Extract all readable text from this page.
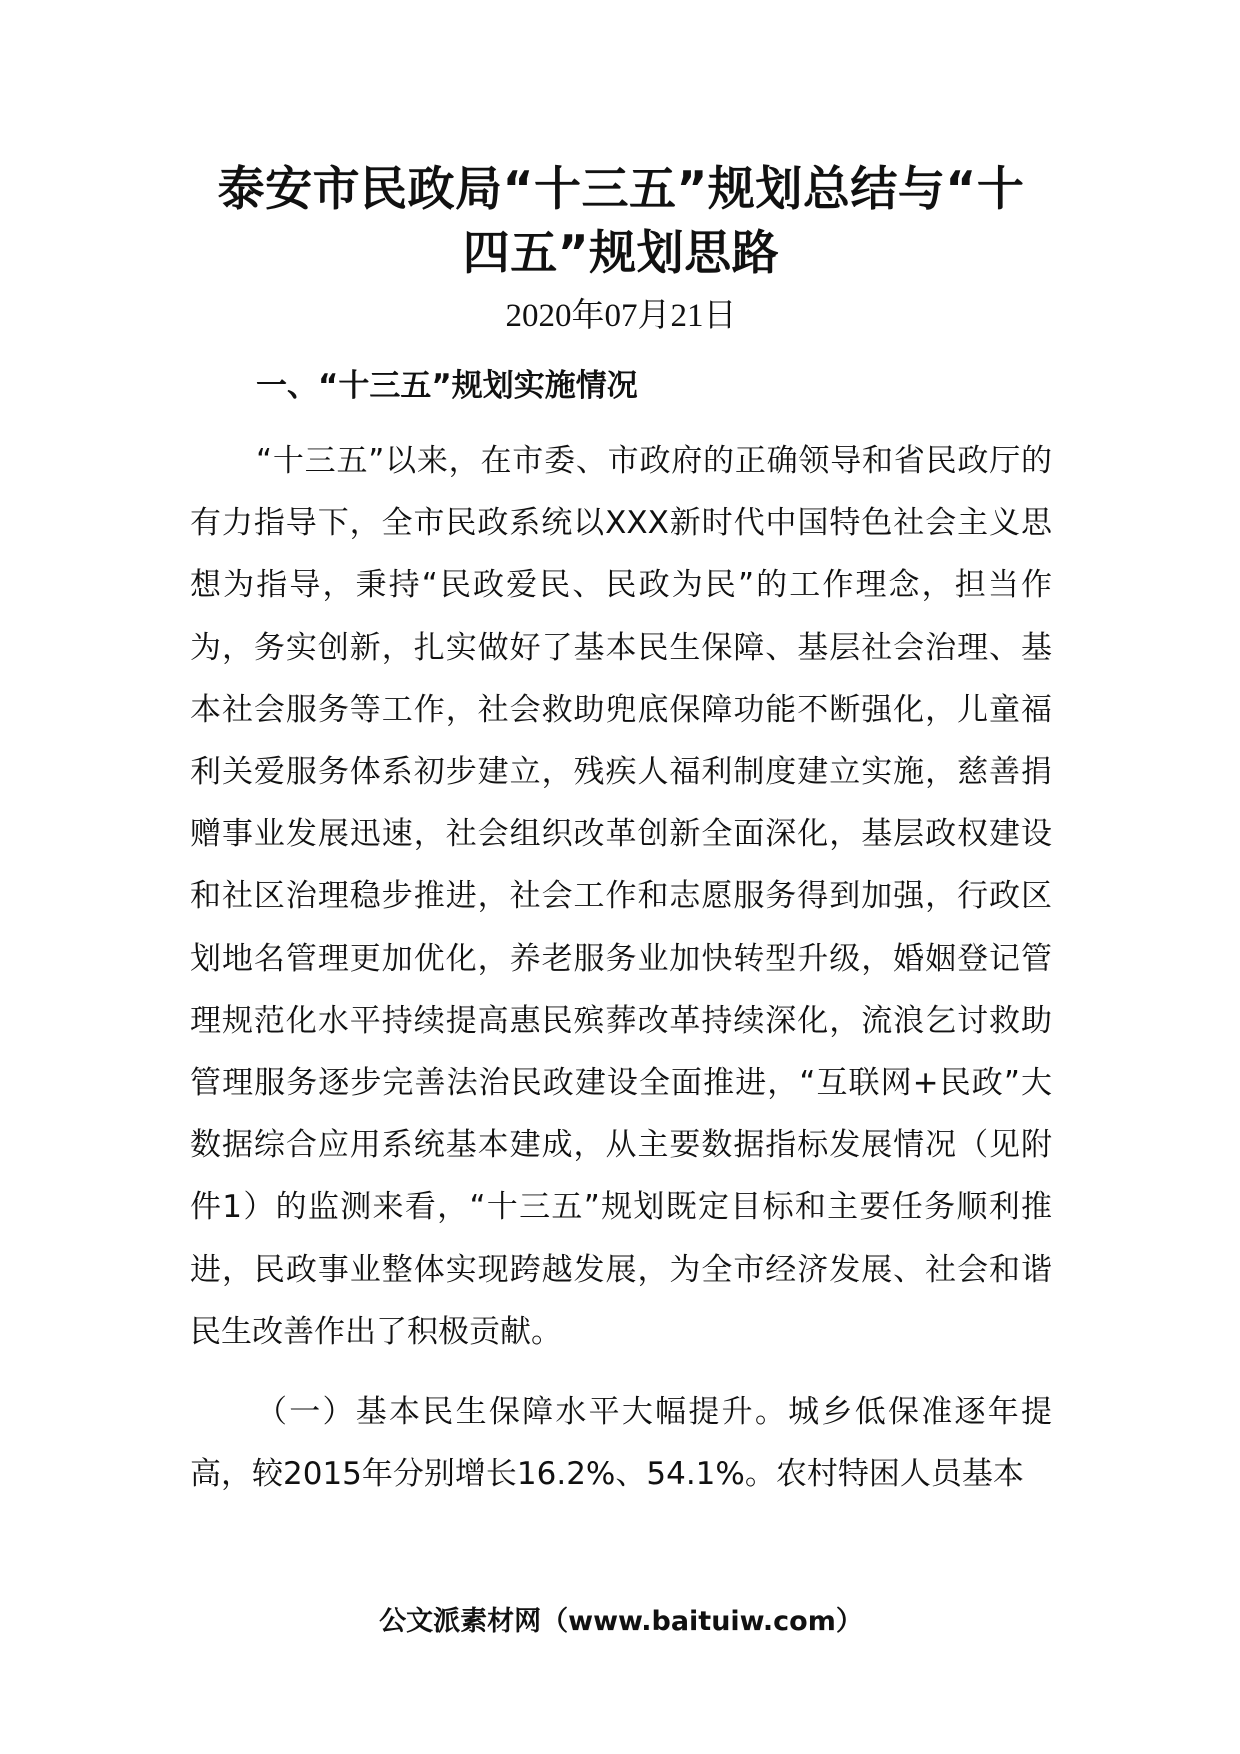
泰安市民政局“十三五”规划总结与“十
四五”规划思路
2020年07月21日
一、“十三五”规划实施情况

“十三五”以来，在市委、市政府的正确领导和省民政厅的有力指导下，全市民政系统以XXX新时代中国特色社会主义思想为指导，秉持“民政爱民、民政为民”的工作理念，担当作为，务实创新，扎实做好了基本民生保障、基层社会治理、基本社会服务等工作，社会救助兜底保障功能不断强化，儿童福利关爱服务体系初步建立，残疾人福利制度建立实施，慈善捐赠事业发展迅速，社会组织改革创新全面深化，基层政权建设和社区治理稳步推进，社会工作和志愿服务得到加强，行政区划地名管理更加优化，养老服务业加快转型升级，婚姻登记管理规范化水平持续提高惠民殡葬改革持续深化，流浪乞讨救助管理服务逐步完善法治民政建设全面推进，“互联网+民政”大数据综合应用系统基本建成，从主要数据指标发展情况（见附件1）的监测来看，“十三五”规划既定目标和主要任务顺利推进，民政事业整体实现跨越发展，为全市经济发展、社会和谐民生改善作出了积极贡献。

（一）基本民生保障水平大幅提升。城乡低保准逐年提高，较2015年分别增长16.2%、54.1%。农村特困人员基本

公文派素材网（www.baituiw.com）
